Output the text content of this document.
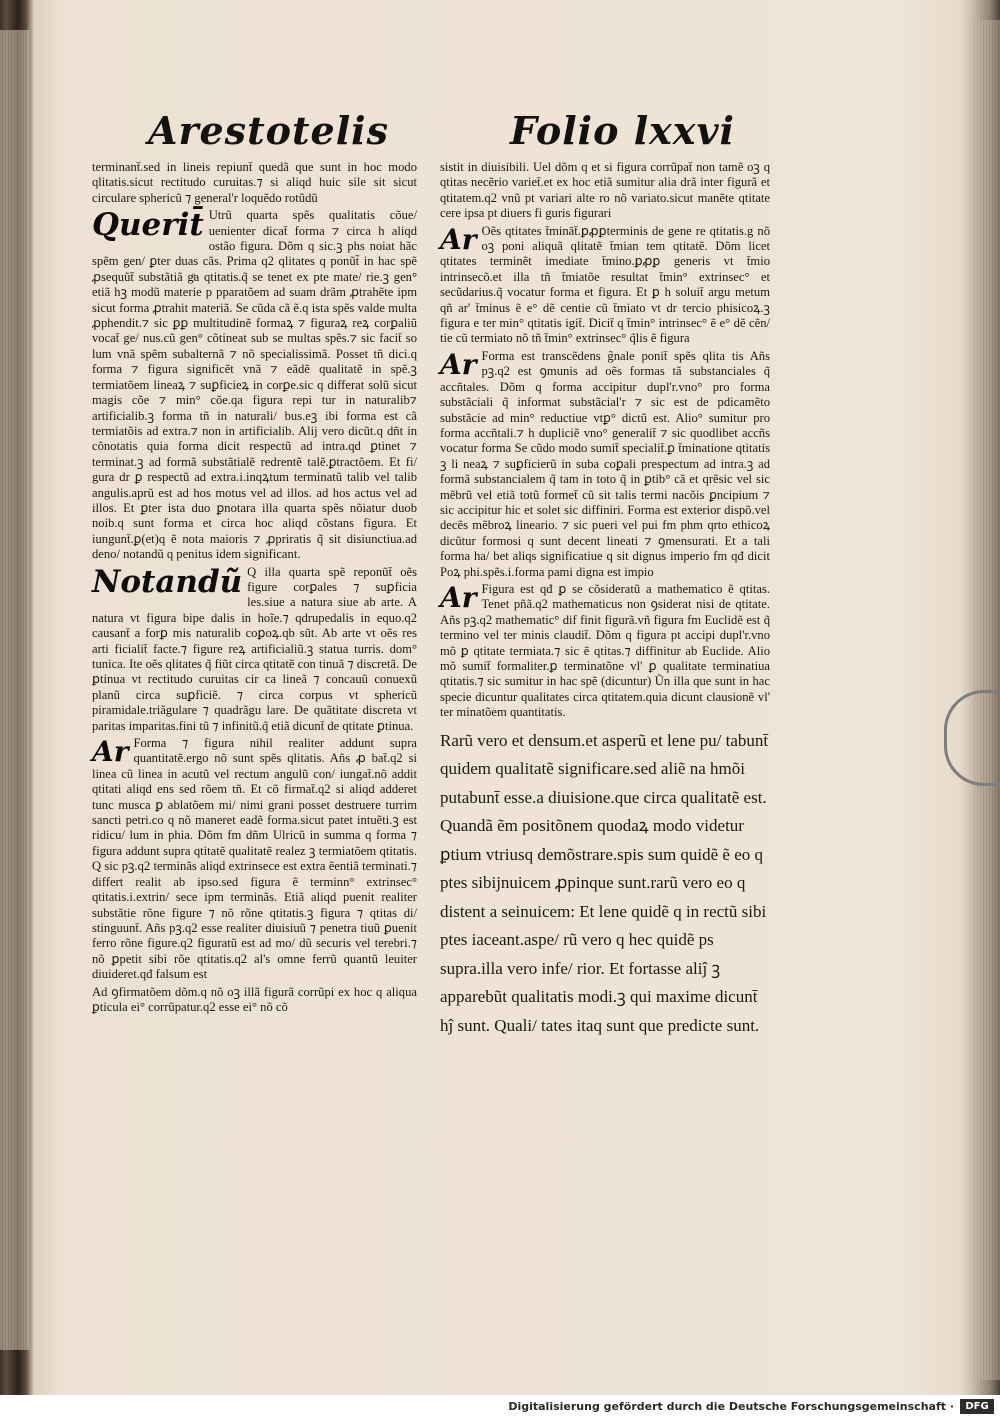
Arestotelis	Folio lxxvi

terminant̄.sed in lineis repiunt̄ quedã que sunt in hoc modo qlitatis.sicut rectitudo curuitas.⁊ si aliqd huic sile sit sicut circulare sphericũ ⁊ general'r loquẽdo rotũdũ

Querit̄ Utrũ quarta spẽs qualitatis cõue/ uenienter dicat̄ forma ⁊ circa h aliqd ostão figura. Dõm q sic.ꝫ phs noiat hãc spẽm gen/ ꝑter duas cãs. Prima q2 qlitates q ponũt̃ in hac spẽ ꝓsequũt̄ substãtiã gͣa qtitatis.q̃ se tenet ex pte mate/ rie.ꝫ gen° etiã hꝫ modũ materie p pparatõem ad suam drãm ꝓtrahẽte ipm sicut forma ꝓtrahit materiã. Se cũda cã ẽ.q ista spẽs valde multa ꝓphendit.⁊ sic ꝑꝑ multitudinẽ formaꝝ ⁊ figuraꝝ reꝝ corꝑaliũ vocat̄ ge/ nus.cũ gen° cõtineat sub se multas spẽs.⁊ sic facit̄ so lum vnã spẽm subalternã ⁊ nõ specialissimã. Posset tñ dici.q forma ⁊ figura significẽt vnã ⁊ eãdẽ qualitatẽ in spẽ.ꝫ termiatõem lineaꝝ ⁊ suꝑficieꝝ in corꝑe.sic q differat solũ sicut magis cõe ⁊ min° cõe.qa figura repi tur in naturalib⁊ artificialib.ꝫ forma tñ in naturali/ bus.eꝫ ibi forma est cã termiatõis ad extra.⁊ non in artificialib. Alij vero dicũt.q dñt in cõnotatis quia forma dicit respectũ ad intra.qd ꝑtinet ⁊ terminat.ꝫ ad formã substãtialẽ redrentẽ talẽ.ꝑtractõem. Et fi/ gura dr ꝑ respectũ ad extra.i.inqꝝtum terminatũ talib vel talib angulis.aprũ est ad hos motus vel ad illos. ad hos actus vel ad illos. Et ꝑter ista duo ꝑnotara illa quarta spẽs nõiatur duob noib.q sunt forma et circa hoc aliqd cõstans figura. Et iungunt̄.ꝑ(et)q ẽ nota maioris ⁊ ꝓpriratis q̃ sit disiunctiua.ad deno/ notandũ q penitus idem significant.

Notandũ Q illa quarta spẽ reponũt̄ oẽs figure corꝑales ⁊ suꝑficia les.siue a natura siue ab arte. A natura vt figura bipe dalis in hoĩe.⁊ qdrupedalis in equo.q2 causant̄ a forꝑ mis naturalib coꝑoꝝ.qb sũt. Ab arte vt oẽs res arti ficialit̄ facte.⁊ figure reꝝ artificialiũ.ꝫ statua turris. dom° tunica. Ite oẽs qlitates q̃ fiũt circa qtitatẽ con tinuã ⁊ discretã. De ꝑtinua vt rectitudo curuitas cir ca lineã ⁊ concauũ conuexũ planũ circa suꝑficiẽ. ⁊ circa corpus vt sphericũ piramidale.triãgulare ⁊ quadrãgu lare. De quãtitate discreta vt paritas imparitas.fini tũ ⁊ infinitũ.q̃ etiã dicunt̄ de qtitate ꝑtinua.

Ar Forma ⁊ figura nihil realiter addunt supra quantitatẽ.ergo nõ sunt spẽs qlitatis. Añs ꝓ bat̄.q2 si linea cũ linea in acutũ vel rectum angulũ con/ iungat̄.nõ addit qtitati aliqd ens sed rõem tñ. Et cõ firmat̄.q2 si aliqd adderet tunc musca ꝑ ablatõem mi/ nimi grani posset destruere turrim sancti petri.co q nõ maneret eadẽ forma.sicut patet intuẽti.ꝫ est ridicu/ lum in phia. Dõm fm dñm Ulricũ in summa q forma ⁊ figura addunt supra qtitatẽ qualitatẽ realez ꝫ termiatõem qtitatis. Q sic pꝫ.q2 terminãs aliqd extrinsece est extra ẽentiã terminati.⁊ differt realit ab ipso.sed figura ẽ terminn° extrinsec° qtitatis.i.extrin/ sece ipm terminãs. Etiã aliqd puenit realiter substãtie rõne figure ⁊ nõ rõne qtitatis.ꝫ figura ⁊ qtitas di/ stinguunt̄. Añs pꝫ.q2 esse realiter diuisiuũ ⁊ penetra tiuũ ꝑuenit ferro rõne figure.q2 figuratũ est ad mo/ dũ securis vel terebri.⁊ nõ ꝑpetit sibi rõe qtitatis.q2 al's omne ferrũ quantũ leuiter diuideret.qđ falsum est

Ad ꝯfirmatõem dõm.q nõ oꝫ illã figurã corrũpi ex hoc q aliqua ꝑticula ei° corrũpatur.q2 esse ei° nõ cõ

sistit in diuisibili. Uel dõm q et si figura corrũpat̄ non tamẽ oꝫ q qtitas necẽrio variet̄.et ex hoc etiã sumitur alia drã inter figurã et qtitatem.q2 vnũ pt variari alte ro nõ variato.sicut manẽte qtitate cere ipsa pt diuers fi guris figurari

Ar Oẽs qtitates t̄mināt̄.ꝑꝓꝑterminis de gene re qtitatis.g nõ oꝫ poni aliquã qlitatẽ t̄mian tem qtitatẽ. Dõm licet qtitates terminẽt imediate t̄mino.ꝑꝓꝑ generis vt t̄mio intrinsecõ.et illa tñ t̄miatõe resultat t̄min° extrinsec° et secũdarius.q̃ vocatur forma et figura. Et ꝑ h soluit̄ argu metum qñ ar' t̄minus ẽ e° dẽ centie cũ t̄miato vt dr tercio phisicoꝝ.ꝫ figura e ter min° qtitatis igit̄. Dicit̄ q t̄min° intrinsec° ẽ e° dẽ cẽn/ tie cũ termiato nõ tñ t̄min° extrinsec° q̃lis ẽ figura

Ar Forma est transcẽdens g̃nale ponit̄ spẽs qlita tis Añs pꝫ.q2 est ꝯmunis ad oẽs formas tã substanciales q̃ accñtales. Dõm q forma accipitur dupl'r.vno° pro forma substãciali q̃ informat substãcial'r ⁊ sic est de pdicamẽto substãcie ad min° reductiue vtꝑ° dictũ est. Alio° sumitur pro forma accñtali.⁊ h dupliciẽ vno° generalit̄ ⁊ sic quodlibet accñs vocatur forma Se cũdo modo sumit̄ specialit̄.ꝑ t̄minatione qtitatis ꝫ li neaꝝ ⁊ suꝑficierũ in suba coꝑali prespectum ad intra.ꝫ ad formã substancialem q̃ tam in toto q̃ in ꝑtib° cã et qrẽsic vel sic mẽbrũ vel etiã totũ formet̄ cũ sit talis termi nacõis ꝑncipium ⁊ sic accipitur hic et solet sic diffiniri. Forma est exterior dispõ.vel decẽs mẽbroꝝ lineario. ⁊ sic pueri vel pui fm phm qrto ethicoꝝ dicũtur formosi q sunt decent lineati ⁊ ꝯmensurati. Et a tali forma ha/ bet aliqs significatiue q sit dignus imperio fm qđ dicit Poꝝ phi.spẽs.i.forma pami digna est impio

Ar Figura est qđ ꝑ se cõsideratũ a mathematico ẽ qtitas. Tenet pñã.q2 mathematicus non ꝯsiderat nisi de qtitate. Añs pꝫ.q2 mathematic° dif finit figurã.vñ figura fm Euclidẽ est q̃ termino vel ter minis claudit̄. Dõm q figura pt accipi dupl'r.vno mõ ꝑ qtitate termiata.⁊ sic ẽ qtitas.⁊ diffinitur ab Euclide. Alio mõ sumit̄ formaliter.ꝑ terminatõne vl' ꝑ qualitate terminatiua qtitatis.⁊ sic sumitur in hac spẽ (dicuntur) Ũn illa que sunt in hac specie dicuntur qualitates circa qtitatem.quia dicunt clausionẽ vl' ter minatõem quantitatis.

Rarũ vero et densum.et asperũ et lene pu/ tabunt̄ quidem qualitatẽ significare.sed aliẽ na hmõi putabunt̄ esse.a diuisione.que circa qualitatẽ est. Quandã ẽm positõnem quodaꝝ modo videtur ꝑtium vtriusq demõstrare.spis sum quidẽ ẽ eo q ptes sibijnuicem ꝓpinque sunt.rarũ vero eo q distent a seinuicem: Et lene quidẽ q in rectũ sibi ptes iaceant.aspe/ rũ vero q hec quidẽ ps supra.illa vero infe/ rior. Et fortasse aliĵ ꝫ apparebũt qualitatis modi.ꝫ qui maxime dicunt̄ hĵ sunt. Quali/ tates itaq sunt que predicte sunt.

Digitalisierung gefördert durch die Deutsche Forschungsgemeinschaft ·	DFG
